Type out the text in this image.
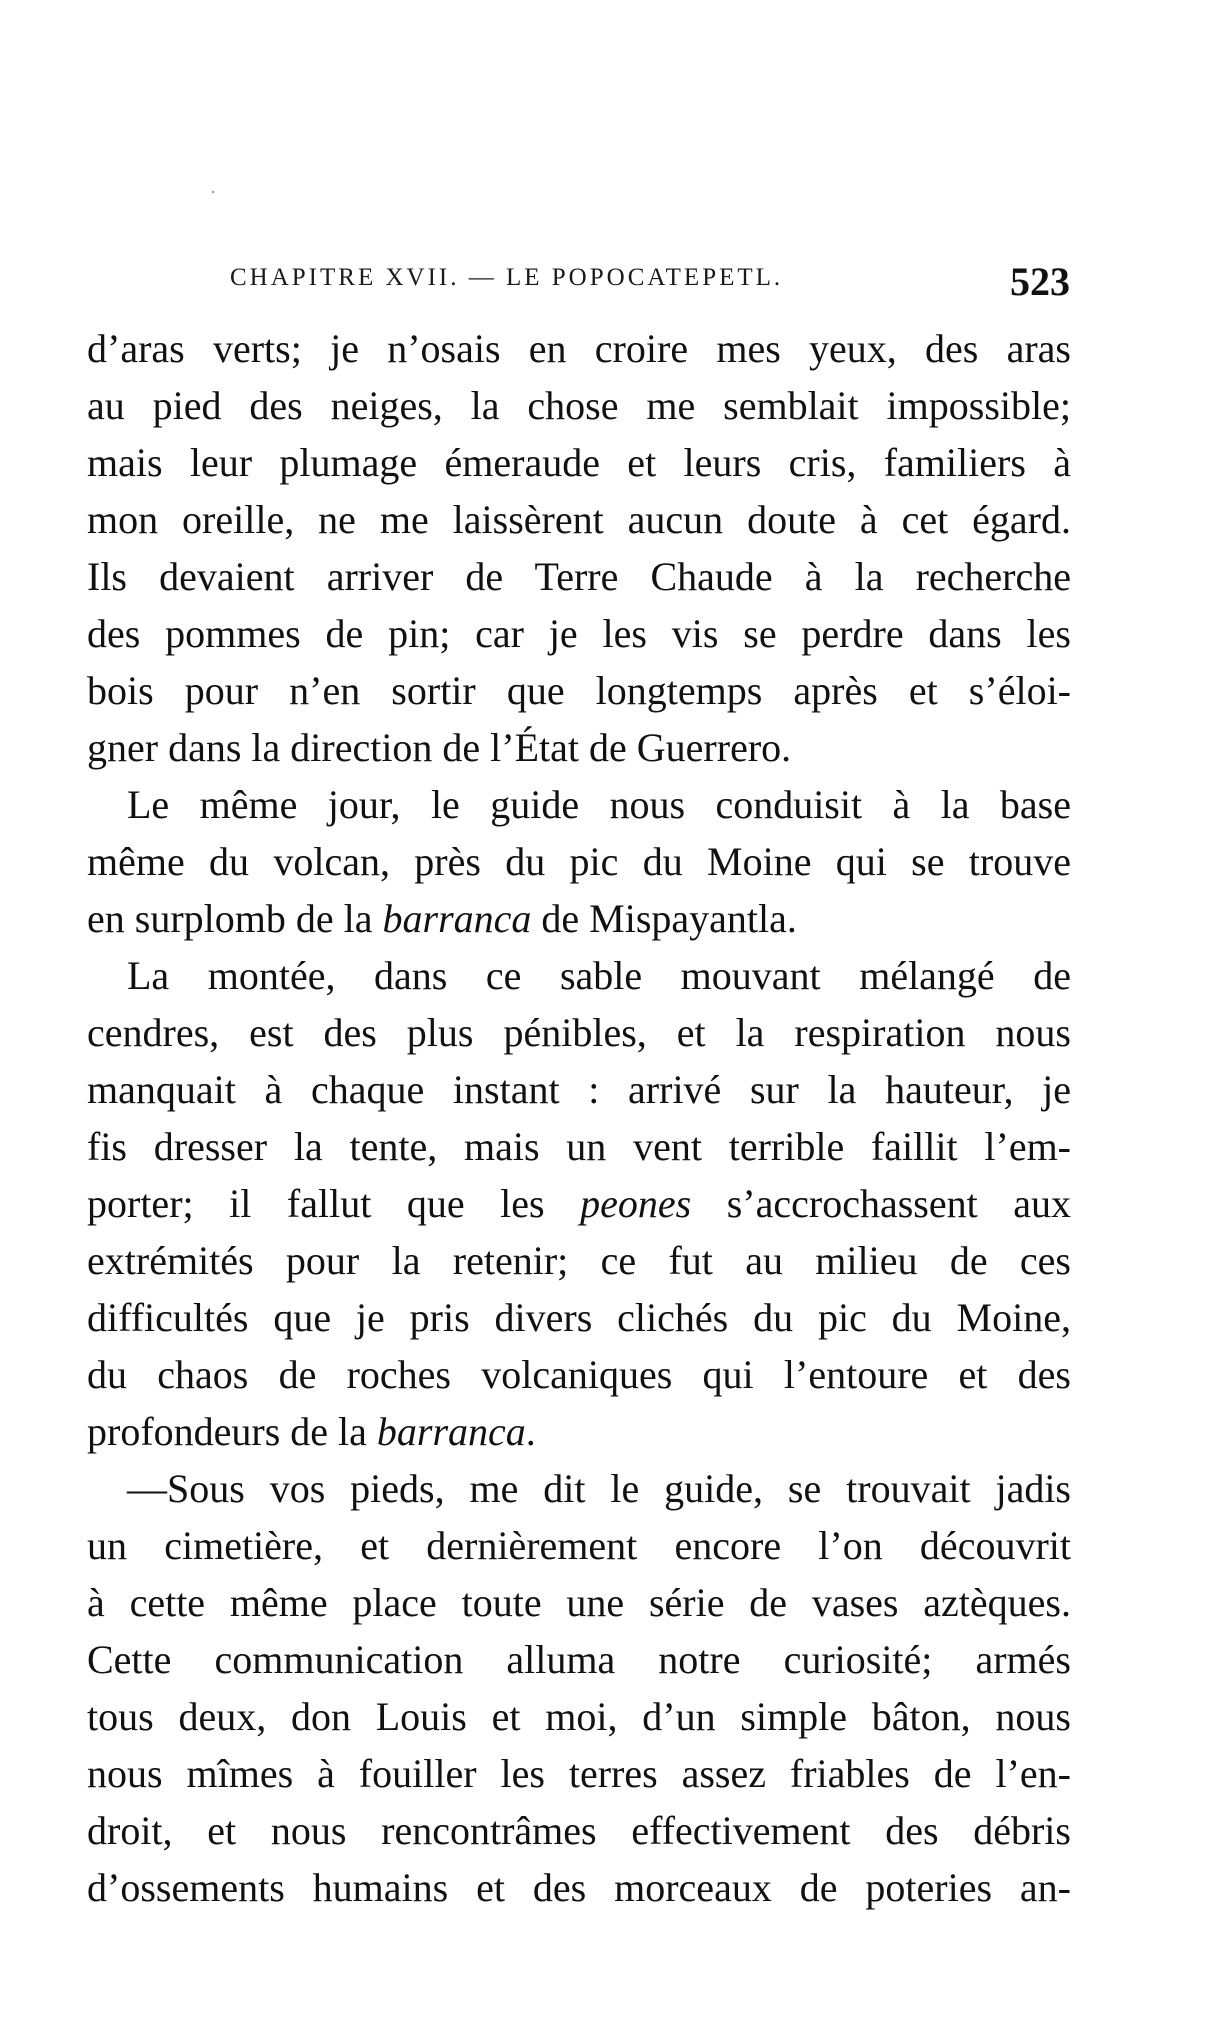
CHAPITRE XVII. — LE POPOCATEPETL.	523
d’aras verts; je n’osais en croire mes yeux, des aras
au pied des neiges, la chose me semblait impossible;
mais leur plumage émeraude et leurs cris, familiers à
mon oreille, ne me laissèrent aucun doute à cet égard.
Ils devaient arriver de Terre Chaude à la recherche
des pommes de pin; car je les vis se perdre dans les
bois pour n’en sortir que longtemps après et s’éloi-
gner dans la direction de l’État de Guerrero.
Le même jour, le guide nous conduisit à la base
même du volcan, près du pic du Moine qui se trouve
en surplomb de la barranca de Mispayantla.
La montée, dans ce sable mouvant mélangé de
cendres, est des plus pénibles, et la respiration nous
manquait à chaque instant : arrivé sur la hauteur, je
fis dresser la tente, mais un vent terrible faillit l’em-
porter; il fallut que les peones s’accrochassent aux
extrémités pour la retenir; ce fut au milieu de ces
difficultés que je pris divers clichés du pic du Moine,
du chaos de roches volcaniques qui l’entoure et des
profondeurs de la barranca.
—Sous vos pieds, me dit le guide, se trouvait jadis
un cimetière, et dernièrement encore l’on découvrit
à cette même place toute une série de vases aztèques.
Cette communication alluma notre curiosité; armés
tous deux, don Louis et moi, d’un simple bâton, nous
nous mîmes à fouiller les terres assez friables de l’en-
droit, et nous rencontrâmes effectivement des débris
d’ossements humains et des morceaux de poteries an-
